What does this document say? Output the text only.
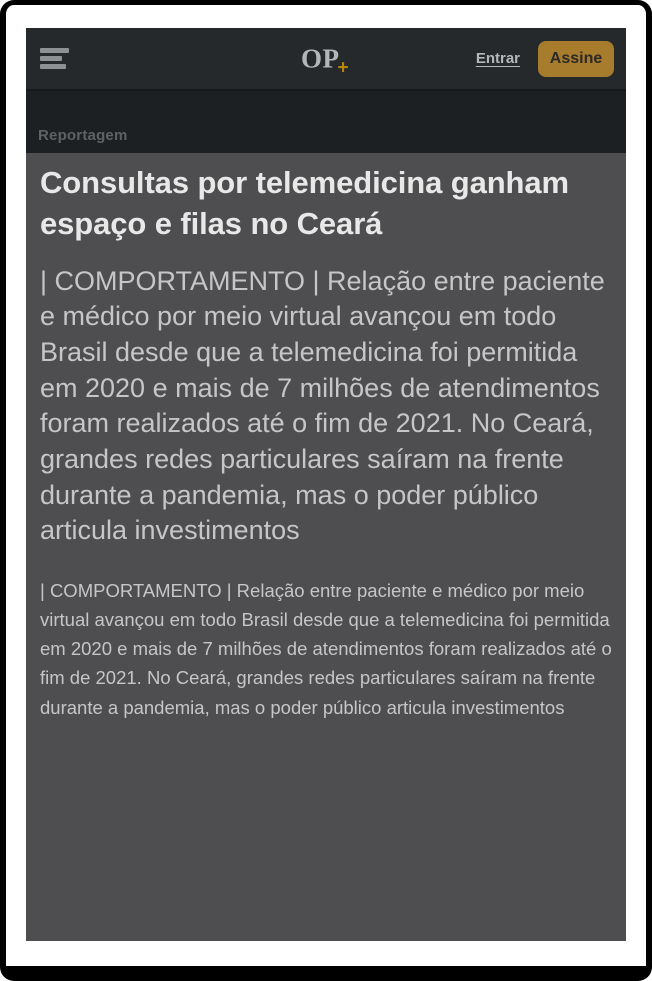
$OP_+$	Entrar	Assine
Reportagem
Consultas por telemedicina ganham espaço e filas no Ceará

| COMPORTAMENTO | Relação entre paciente e médico por meio virtual avançou em todo Brasil desde que a telemedicina foi permitida em 2020 e mais de 7 milhões de atendimentos foram realizados até o fim de 2021. No Ceará, grandes redes particulares saíram na frente durante a pandemia, mas o poder público articula investimentos

| COMPORTAMENTO | Relação entre paciente e médico por meio virtual avançou em todo Brasil desde que a telemedicina foi permitida em 2020 e mais de 7 milhões de atendimentos foram realizados até o fim de 2021. No Ceará, grandes redes particulares saíram na frente durante a pandemia, mas o poder público articula investimentos
